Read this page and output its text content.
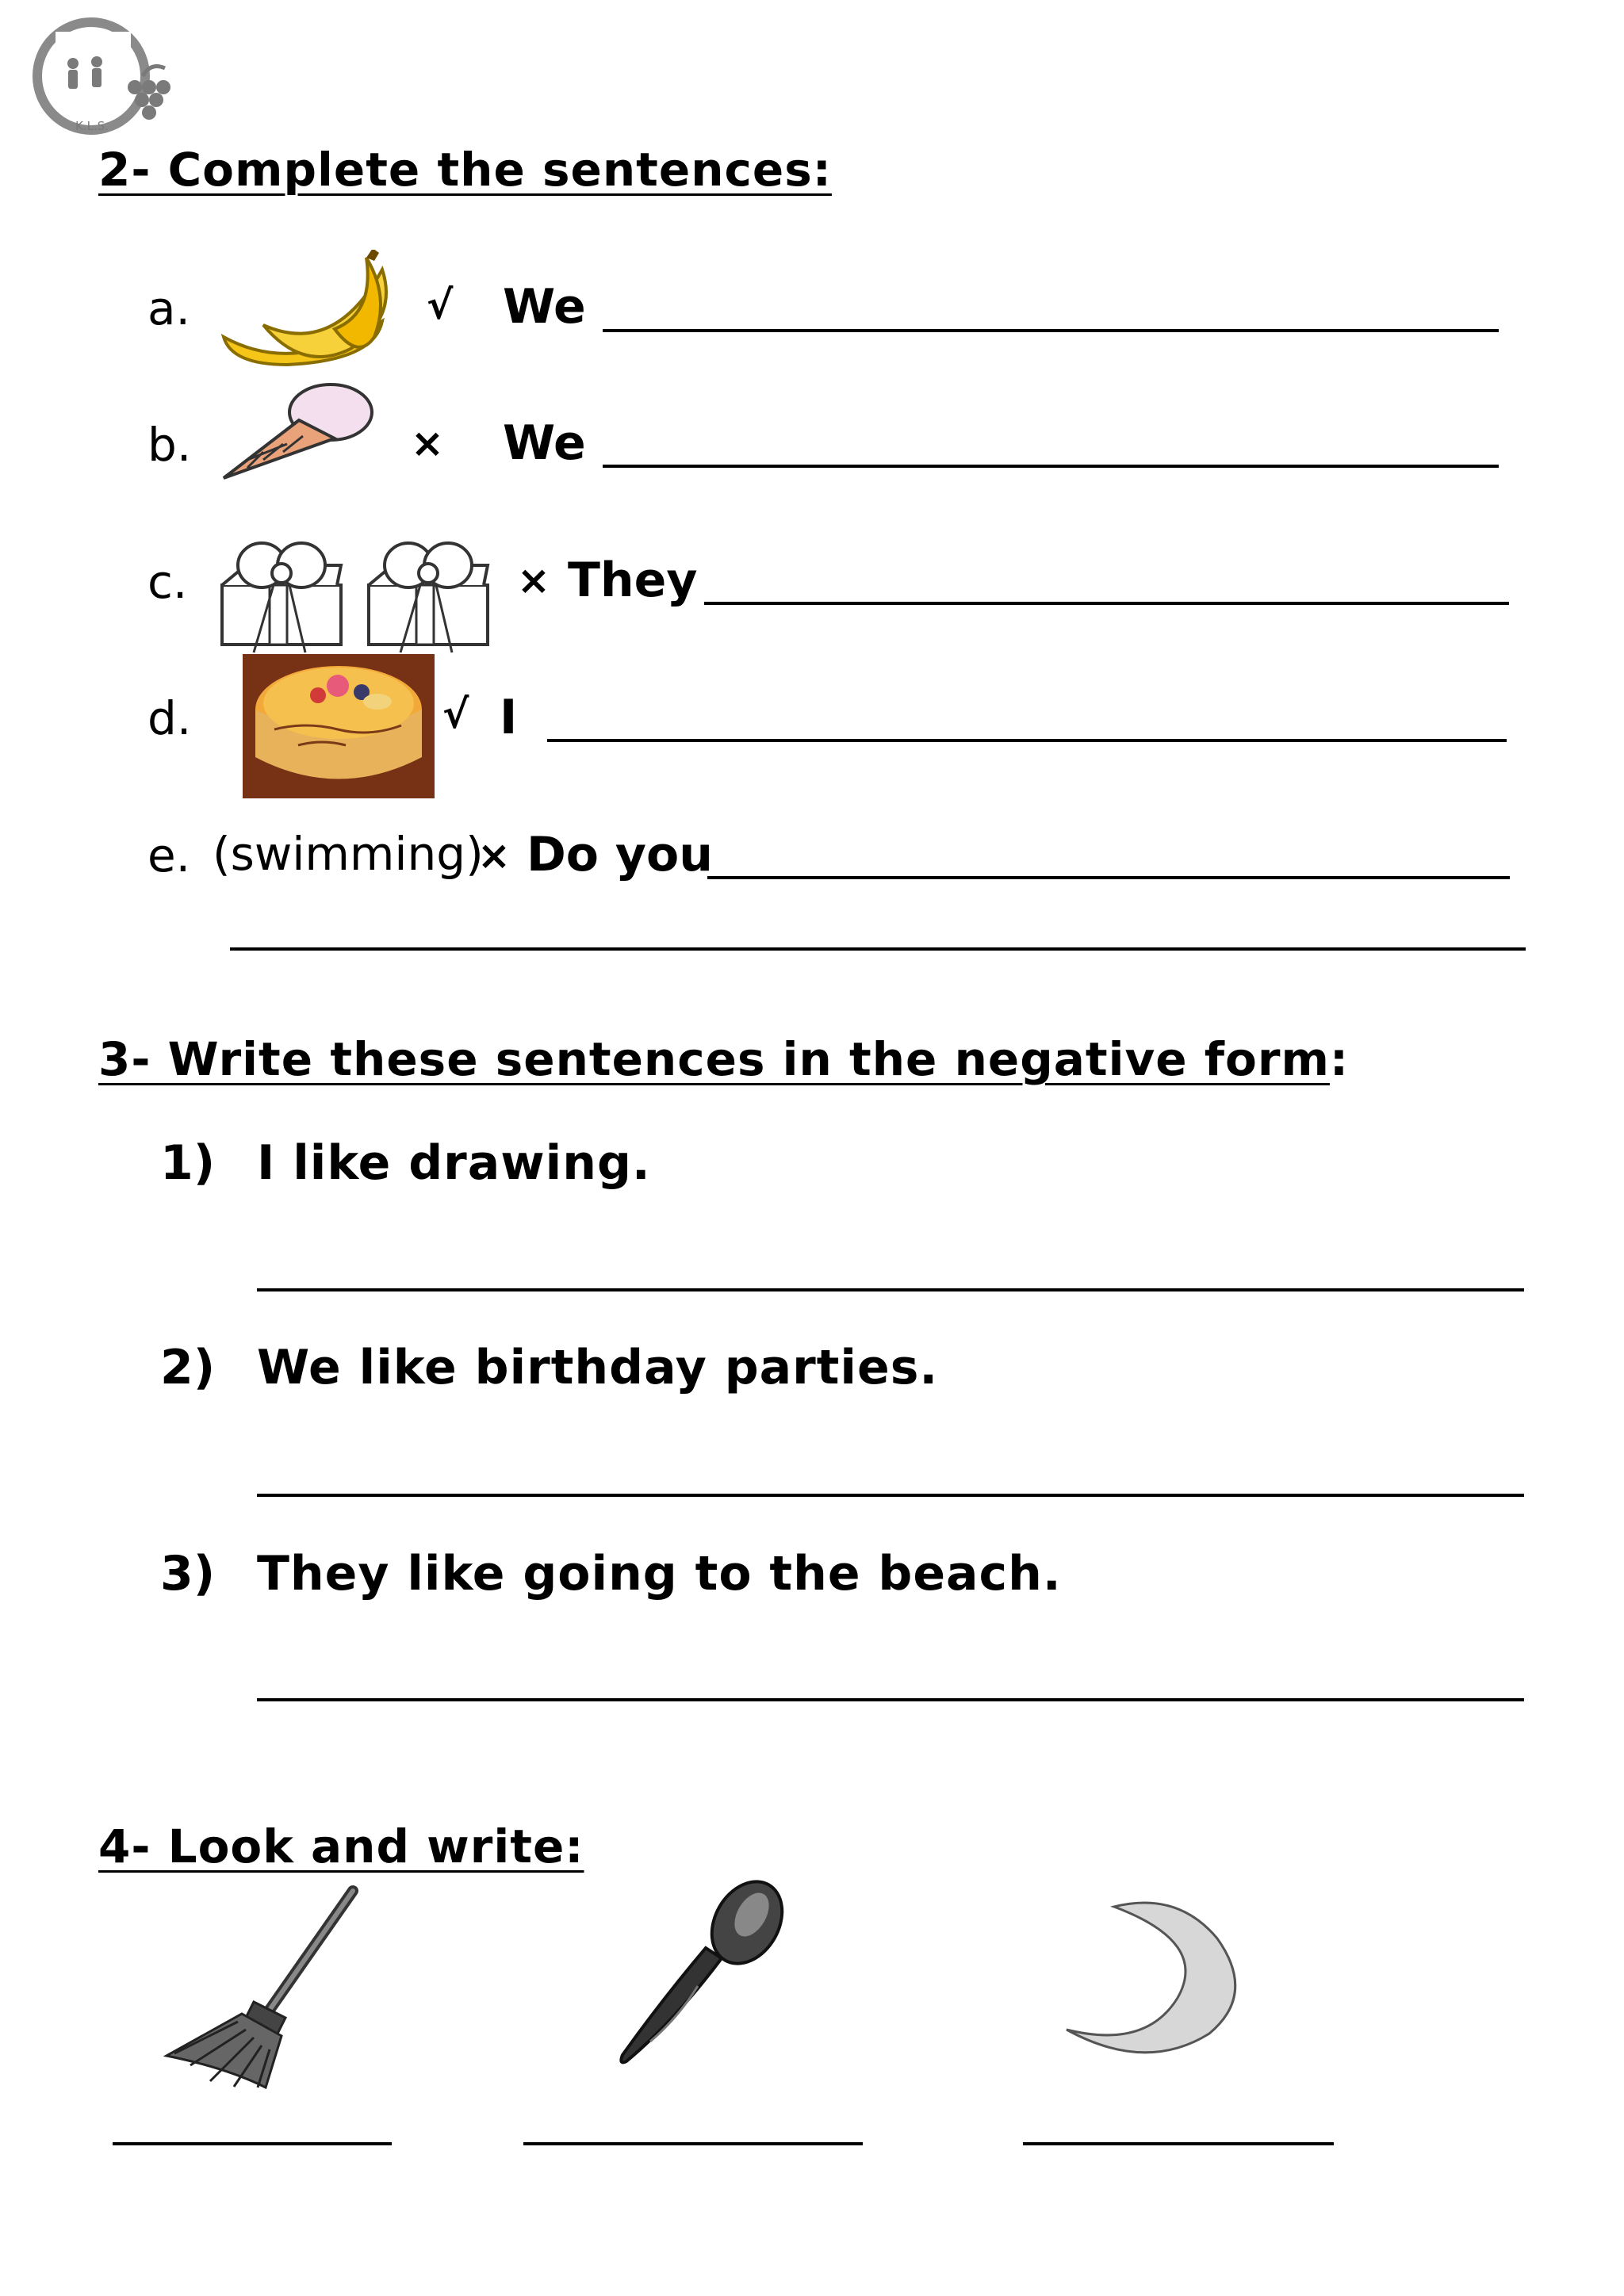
K.L.S.
2- Complete the sentences:
a.	√ We
b.	× We
c.	× They
d.	√ I
e. (swimming)
× Do you
3- Write these sentences in the negative form:
1) I like drawing.
2) We like birthday parties.
3) They like going to the beach.
4- Look and write:
